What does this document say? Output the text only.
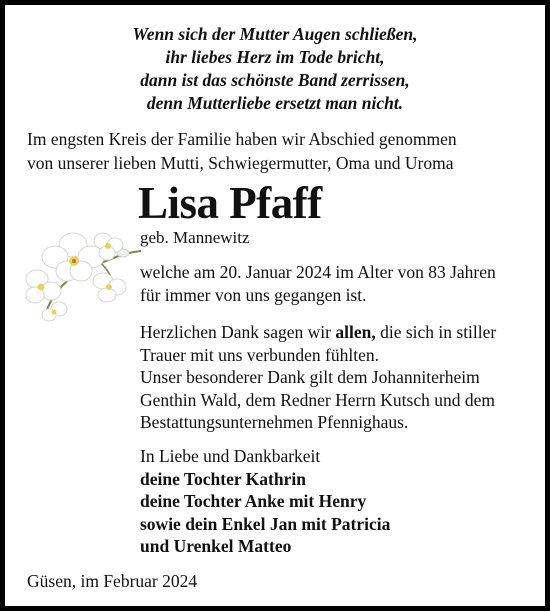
Wenn sich der Mutter Augen schließen,
ihr liebes Herz im Tode bricht,
dann ist das schönste Band zerrissen,
denn Mutterliebe ersetzt man nicht.
Im engsten Kreis der Familie haben wir Abschied genommen
von unserer lieben Mutti, Schwiegermutter, Oma und Uroma
Lisa Pfaff
geb. Mannewitz
welche am 20. Januar 2024 im Alter von 83 Jahren
für immer von uns gegangen ist.
Herzlichen Dank sagen wir allen, die sich in stiller
Trauer mit uns verbunden fühlten.
Unser besonderer Dank gilt dem Johanniterheim
Genthin Wald, dem Redner Herrn Kutsch und dem
Bestattungsunternehmen Pfennighaus.
In Liebe und Dankbarkeit
deine Tochter Kathrin
deine Tochter Anke mit Henry
sowie dein Enkel Jan mit Patricia
und Urenkel Matteo
Güsen, im Februar 2024
